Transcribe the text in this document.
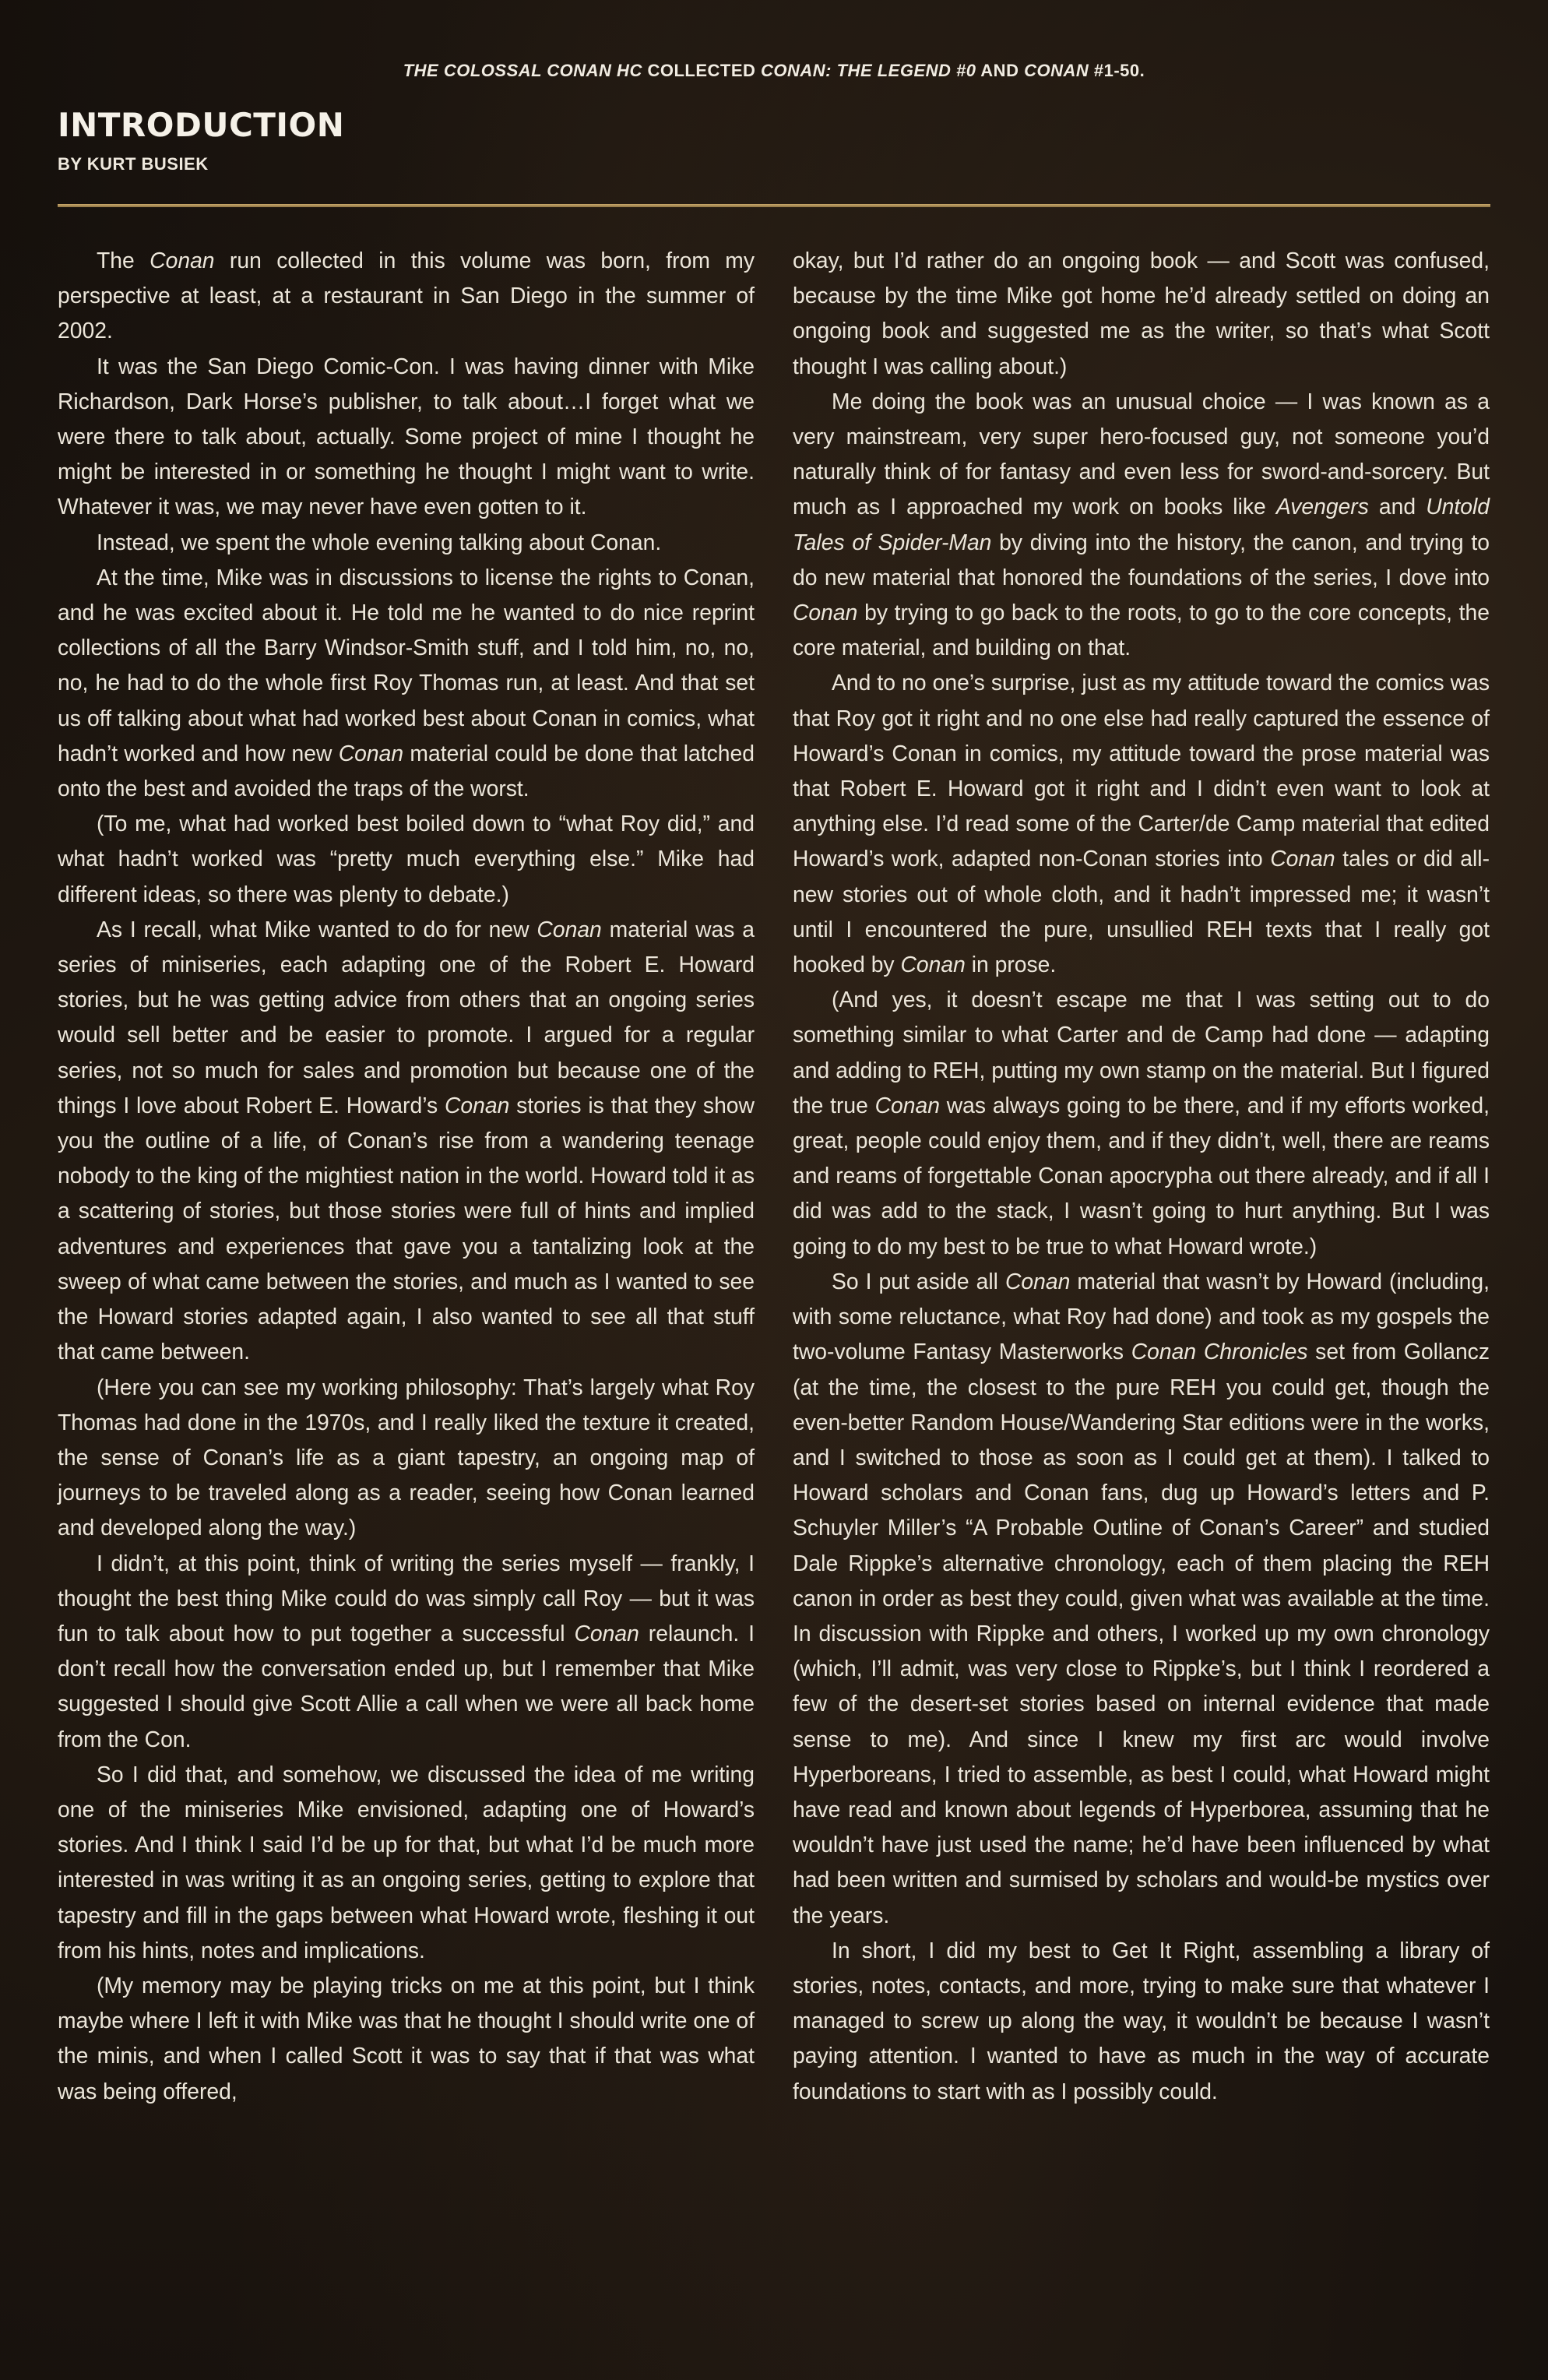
THE COLOSSAL CONAN HC COLLECTED CONAN: THE LEGEND #0 AND CONAN #1-50.
INTRODUCTION
BY KURT BUSIEK

The Conan run collected in this volume was born, from my perspective at least, at a restaurant in San Diego in the summer of 2002.

It was the San Diego Comic-Con. I was having dinner with Mike Richardson, Dark Horse’s publisher, to talk about…I forget what we were there to talk about, actually. Some project of mine I thought he might be interested in or something he thought I might want to write. Whatever it was, we may never have even gotten to it.

Instead, we spent the whole evening talking about Conan.

At the time, Mike was in discussions to license the rights to Conan, and he was excited about it. He told me he wanted to do nice reprint collections of all the Barry Windsor-Smith stuff, and I told him, no, no, no, he had to do the whole first Roy Thomas run, at least. And that set us off talking about what had worked best about Conan in comics, what hadn’t worked and how new Conan material could be done that latched onto the best and avoided the traps of the worst.

(To me, what had worked best boiled down to “what Roy did,” and what hadn’t worked was “pretty much everything else.” Mike had different ideas, so there was plenty to debate.)

As I recall, what Mike wanted to do for new Conan material was a series of miniseries, each adapting one of the Robert E. Howard stories, but he was getting advice from others that an ongoing series would sell better and be easier to promote. I argued for a regular series, not so much for sales and promotion but because one of the things I love about Robert E. Howard’s Conan stories is that they show you the outline of a life, of Conan’s rise from a wandering teenage nobody to the king of the mightiest nation in the world. Howard told it as a scattering of stories, but those stories were full of hints and implied adventures and experiences that gave you a tantalizing look at the sweep of what came between the stories, and much as I wanted to see the Howard stories adapted again, I also wanted to see all that stuff that came between.

(Here you can see my working philosophy: That’s largely what Roy Thomas had done in the 1970s, and I really liked the texture it created, the sense of Conan’s life as a giant tapestry, an ongoing map of journeys to be traveled along as a reader, seeing how Conan learned and developed along the way.)

I didn’t, at this point, think of writing the series myself — frankly, I thought the best thing Mike could do was simply call Roy — but it was fun to talk about how to put together a successful Conan relaunch. I don’t recall how the conversation ended up, but I remember that Mike suggested I should give Scott Allie a call when we were all back home from the Con.

So I did that, and somehow, we discussed the idea of me writing one of the miniseries Mike envisioned, adapting one of Howard’s stories. And I think I said I’d be up for that, but what I’d be much more interested in was writing it as an ongoing series, getting to explore that tapestry and fill in the gaps between what Howard wrote, fleshing it out from his hints, notes and implications.

(My memory may be playing tricks on me at this point, but I think maybe where I left it with Mike was that he thought I should write one of the minis, and when I called Scott it was to say that if that was what was being offered,

okay, but I’d rather do an ongoing book — and Scott was confused, because by the time Mike got home he’d already settled on doing an ongoing book and suggested me as the writer, so that’s what Scott thought I was calling about.)

Me doing the book was an unusual choice — I was known as a very mainstream, very super hero-focused guy, not someone you’d naturally think of for fantasy and even less for sword-and-sorcery. But much as I approached my work on books like Avengers and Untold Tales of Spider-Man by diving into the history, the canon, and trying to do new material that honored the foundations of the series, I dove into Conan by trying to go back to the roots, to go to the core concepts, the core material, and building on that.

And to no one’s surprise, just as my attitude toward the comics was that Roy got it right and no one else had really captured the essence of Howard’s Conan in comics, my attitude toward the prose material was that Robert E. Howard got it right and I didn’t even want to look at anything else. I’d read some of the Carter/de Camp material that edited Howard’s work, adapted non-Conan stories into Conan tales or did all-new stories out of whole cloth, and it hadn’t impressed me; it wasn’t until I encountered the pure, unsullied REH texts that I really got hooked by Conan in prose.

(And yes, it doesn’t escape me that I was setting out to do something similar to what Carter and de Camp had done — adapting and adding to REH, putting my own stamp on the material. But I figured the true Conan was always going to be there, and if my efforts worked, great, people could enjoy them, and if they didn’t, well, there are reams and reams of forgettable Conan apocrypha out there already, and if all I did was add to the stack, I wasn’t going to hurt anything. But I was going to do my best to be true to what Howard wrote.)

So I put aside all Conan material that wasn’t by Howard (including, with some reluctance, what Roy had done) and took as my gospels the two-volume Fantasy Masterworks Conan Chronicles set from Gollancz (at the time, the closest to the pure REH you could get, though the even-better Random House/Wandering Star editions were in the works, and I switched to those as soon as I could get at them). I talked to Howard scholars and Conan fans, dug up Howard’s letters and P. Schuyler Miller’s “A Probable Outline of Conan’s Career” and studied Dale Rippke’s alternative chronology, each of them placing the REH canon in order as best they could, given what was available at the time. In discussion with Rippke and others, I worked up my own chronology (which, I’ll admit, was very close to Rippke’s, but I think I reordered a few of the desert-set stories based on internal evidence that made sense to me). And since I knew my first arc would involve Hyperboreans, I tried to assemble, as best I could, what Howard might have read and known about legends of Hyperborea, assuming that he wouldn’t have just used the name; he’d have been influenced by what had been written and surmised by scholars and would-be mystics over the years.

In short, I did my best to Get It Right, assembling a library of stories, notes, contacts, and more, trying to make sure that whatever I managed to screw up along the way, it wouldn’t be because I wasn’t paying attention. I wanted to have as much in the way of accurate foundations to start with as I possibly could.
